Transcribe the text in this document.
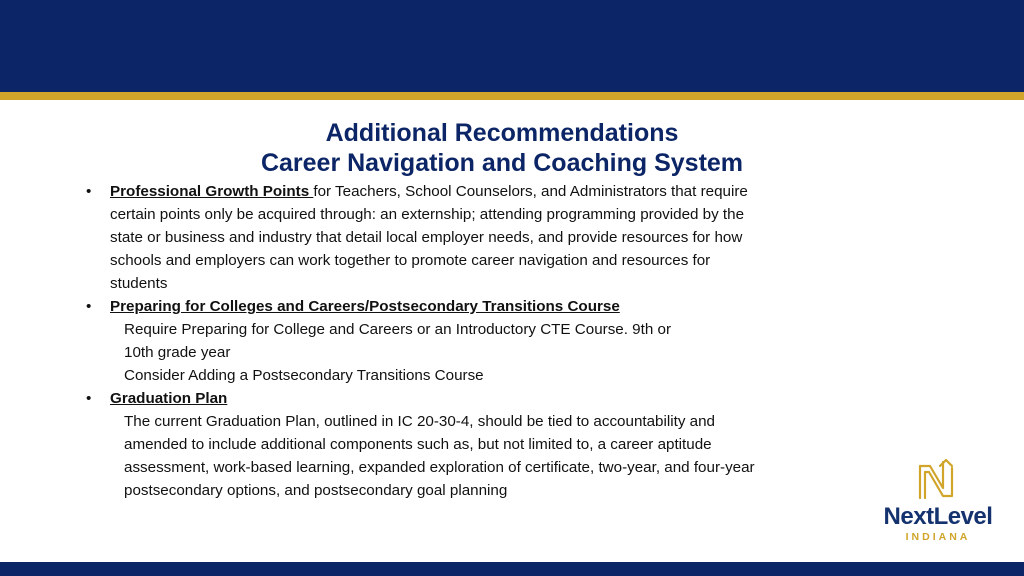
Additional Recommendations
Career Navigation and Coaching System
• Professional Growth Points for Teachers, School Counselors, and Administrators that require
certain points only be acquired through: an externship; attending programming provided by the
state or business and industry that detail local employer needs, and provide resources for how
schools and employers can work together to promote career navigation and resources for
students
• Preparing for Colleges and Careers/Postsecondary Transitions Course
Require Preparing for College and Careers or an Introductory CTE Course. 9th or
10th grade year
Consider Adding a Postsecondary Transitions Course
• Graduation Plan
The current Graduation Plan, outlined in IC 20-30-4, should be tied to accountability and
amended to include additional components such as, but not limited to, a career aptitude
assessment, work-based learning, expanded exploration of certificate, two-year, and four-year
postsecondary options, and postsecondary goal planning
NextLevel
INDIANA
